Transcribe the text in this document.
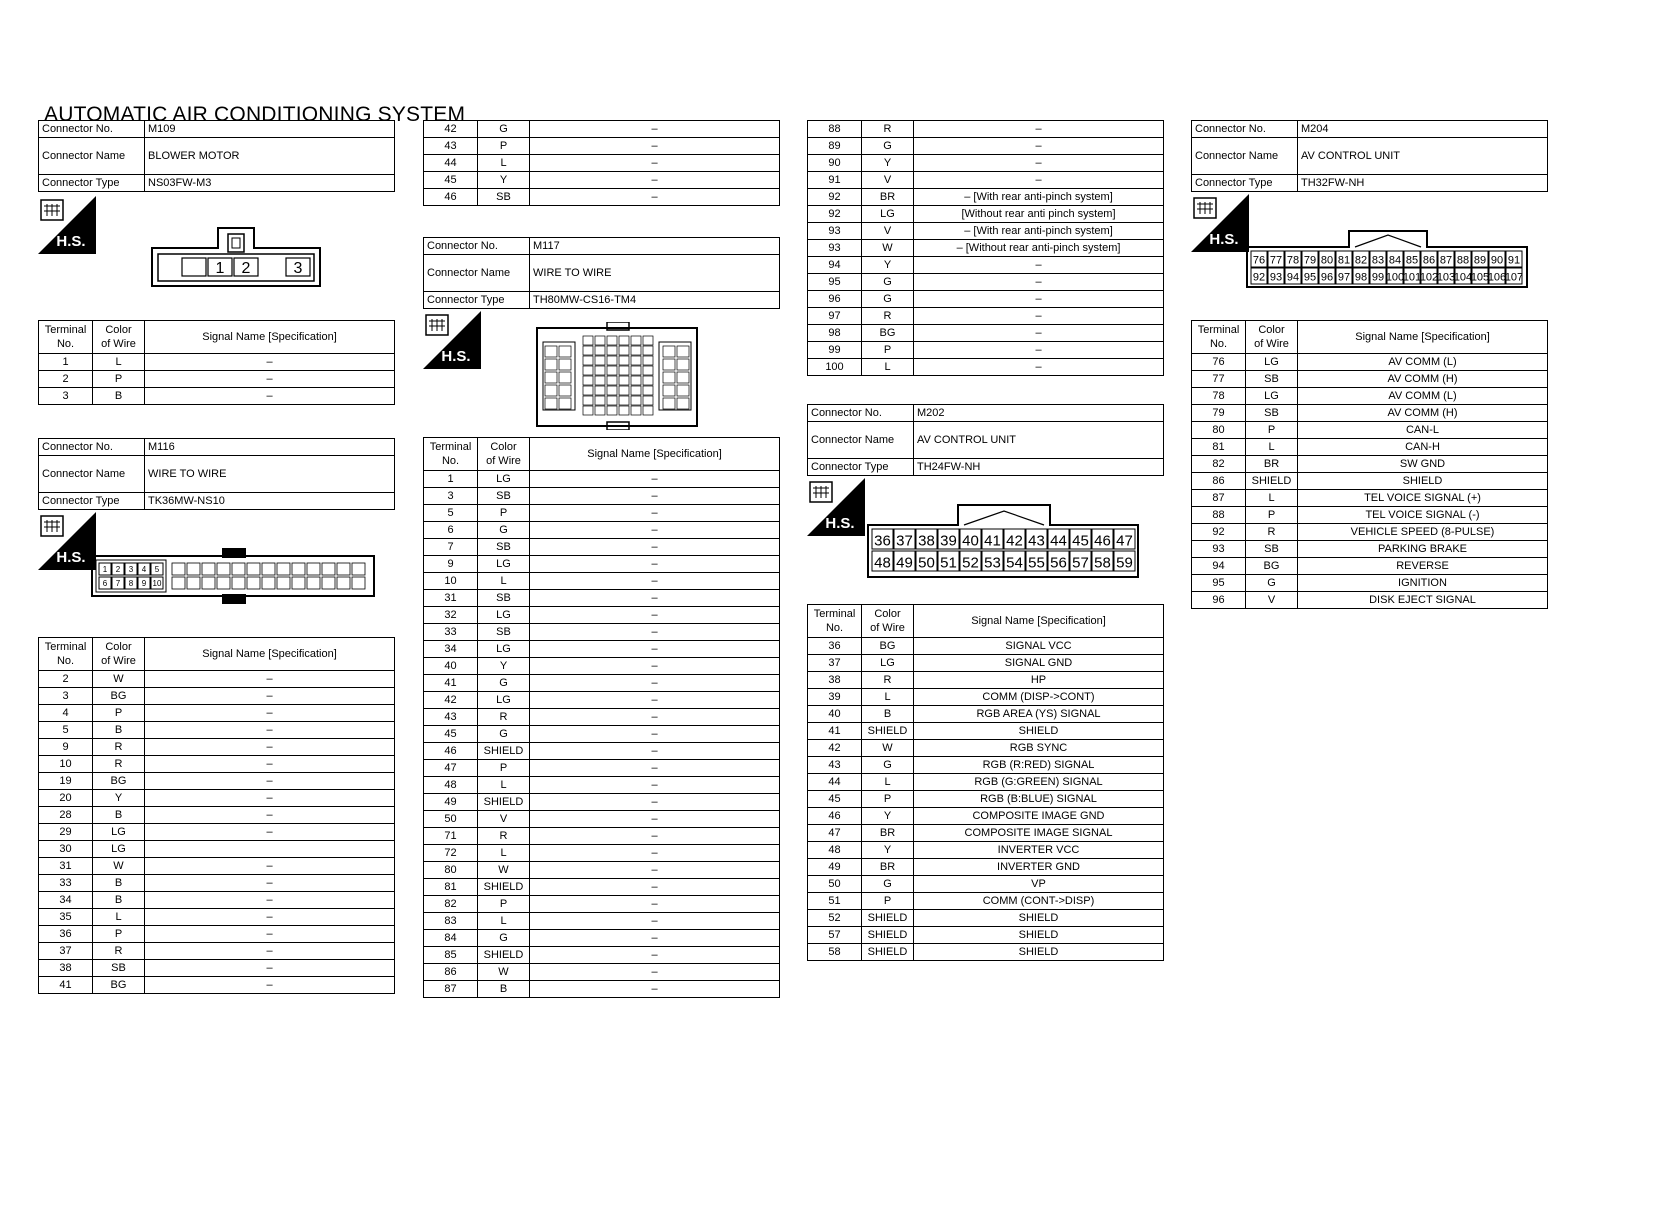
AUTOMATIC AIR CONDITIONING SYSTEM
Connector No.	M109
Connector Name	BLOWER MOTOR
Connector Type	NS03FW-M3
H.S.
1 2	3
Terminal
No.	Color
of Wire	Signal Name [Specification]
1	L	–
2	P	–
3	B	–
Connector No.	M116
Connector Name	WIRE TO WIRE
Connector Type	TK36MW-NS10
H.S.
1 2 3 4 5
6 7 8 9 10
Terminal
No.	Color
of Wire	Signal Name [Specification]
2	W	–
3	BG	–
4	P	–
5	B	–
9	R	–
10	R	–
19	BG	–
20	Y	–
28	B	–
29	LG	–
30	LG	
31	W	–
33	B	–
34	B	–
35	L	–
36	P	–
37	R	–
38	SB	–
41	BG	–
42	G	–
43	P	–
44	L	–
45	Y	–
46	SB	–
Connector No.	M117
Connector Name	WIRE TO WIRE
Connector Type	TH80MW-CS16-TM4
H.S.
Terminal
No.	Color
of Wire	Signal Name [Specification]
1	LG	–
3	SB	–
5	P	–
6	G	–
7	SB	–
9	LG	–
10	L	–
31	SB	–
32	LG	–
33	SB	–
34	LG	–
40	Y	–
41	G	–
42	LG	–
43	R	–
45	G	–
46	SHIELD	–
47	P	–
48	L	–
49	SHIELD	–
50	V	–
71	R	–
72	L	–
80	W	–
81	SHIELD	–
82	P	–
83	L	–
84	G	–
85	SHIELD	–
86	W	–
87	B	–
88	R	–
89	G	–
90	Y	–
91	V	–
92	BR	– [With rear anti-pinch system]
92	LG	[Without rear anti pinch system]
93	V	– [With rear anti-pinch system]
93	W	– [Without rear anti-pinch system]
94	Y	–
95	G	–
96	G	–
97	R	–
98	BG	–
99	P	–
100	L	–
Connector No.	M202
Connector Name	AV CONTROL UNIT
Connector Type	TH24FW-NH
H.S.
36 37 38 39 40 41 42 43 44 45 46 47
48 49 50 51 52 53 54 55 56 57 58 59
Terminal
No.	Color
of Wire	Signal Name [Specification]
36	BG	SIGNAL VCC
37	LG	SIGNAL GND
38	R	HP
39	L	COMM (DISP->CONT)
40	B	RGB AREA (YS) SIGNAL
41	SHIELD	SHIELD
42	W	RGB SYNC
43	G	RGB (R:RED) SIGNAL
44	L	RGB (G:GREEN) SIGNAL
45	P	RGB (B:BLUE) SIGNAL
46	Y	COMPOSITE IMAGE GND
47	BR	COMPOSITE IMAGE SIGNAL
48	Y	INVERTER VCC
49	BR	INVERTER GND
50	G	VP
51	P	COMM (CONT->DISP)
52	SHIELD	SHIELD
57	SHIELD	SHIELD
58	SHIELD	SHIELD
Connector No.	M204
Connector Name	AV CONTROL UNIT
Connector Type	TH32FW-NH
H.S.
76 77 78 79 80 81 82 83 84 85 86 87 88 89 90 91
92 93 94 95 96 97 98 99 100
101
102
103
104
105
106
107
Terminal
No.	Color
of Wire	Signal Name [Specification]
76	LG	AV COMM (L)
77	SB	AV COMM (H)
78	LG	AV COMM (L)
79	SB	AV COMM (H)
80	P	CAN-L
81	L	CAN-H
82	BR	SW GND
86	SHIELD	SHIELD
87	L	TEL VOICE SIGNAL (+)
88	P	TEL VOICE SIGNAL (-)
92	R	VEHICLE SPEED (8-PULSE)
93	SB	PARKING BRAKE
94	BG	REVERSE
95	G	IGNITION
96	V	DISK EJECT SIGNAL
